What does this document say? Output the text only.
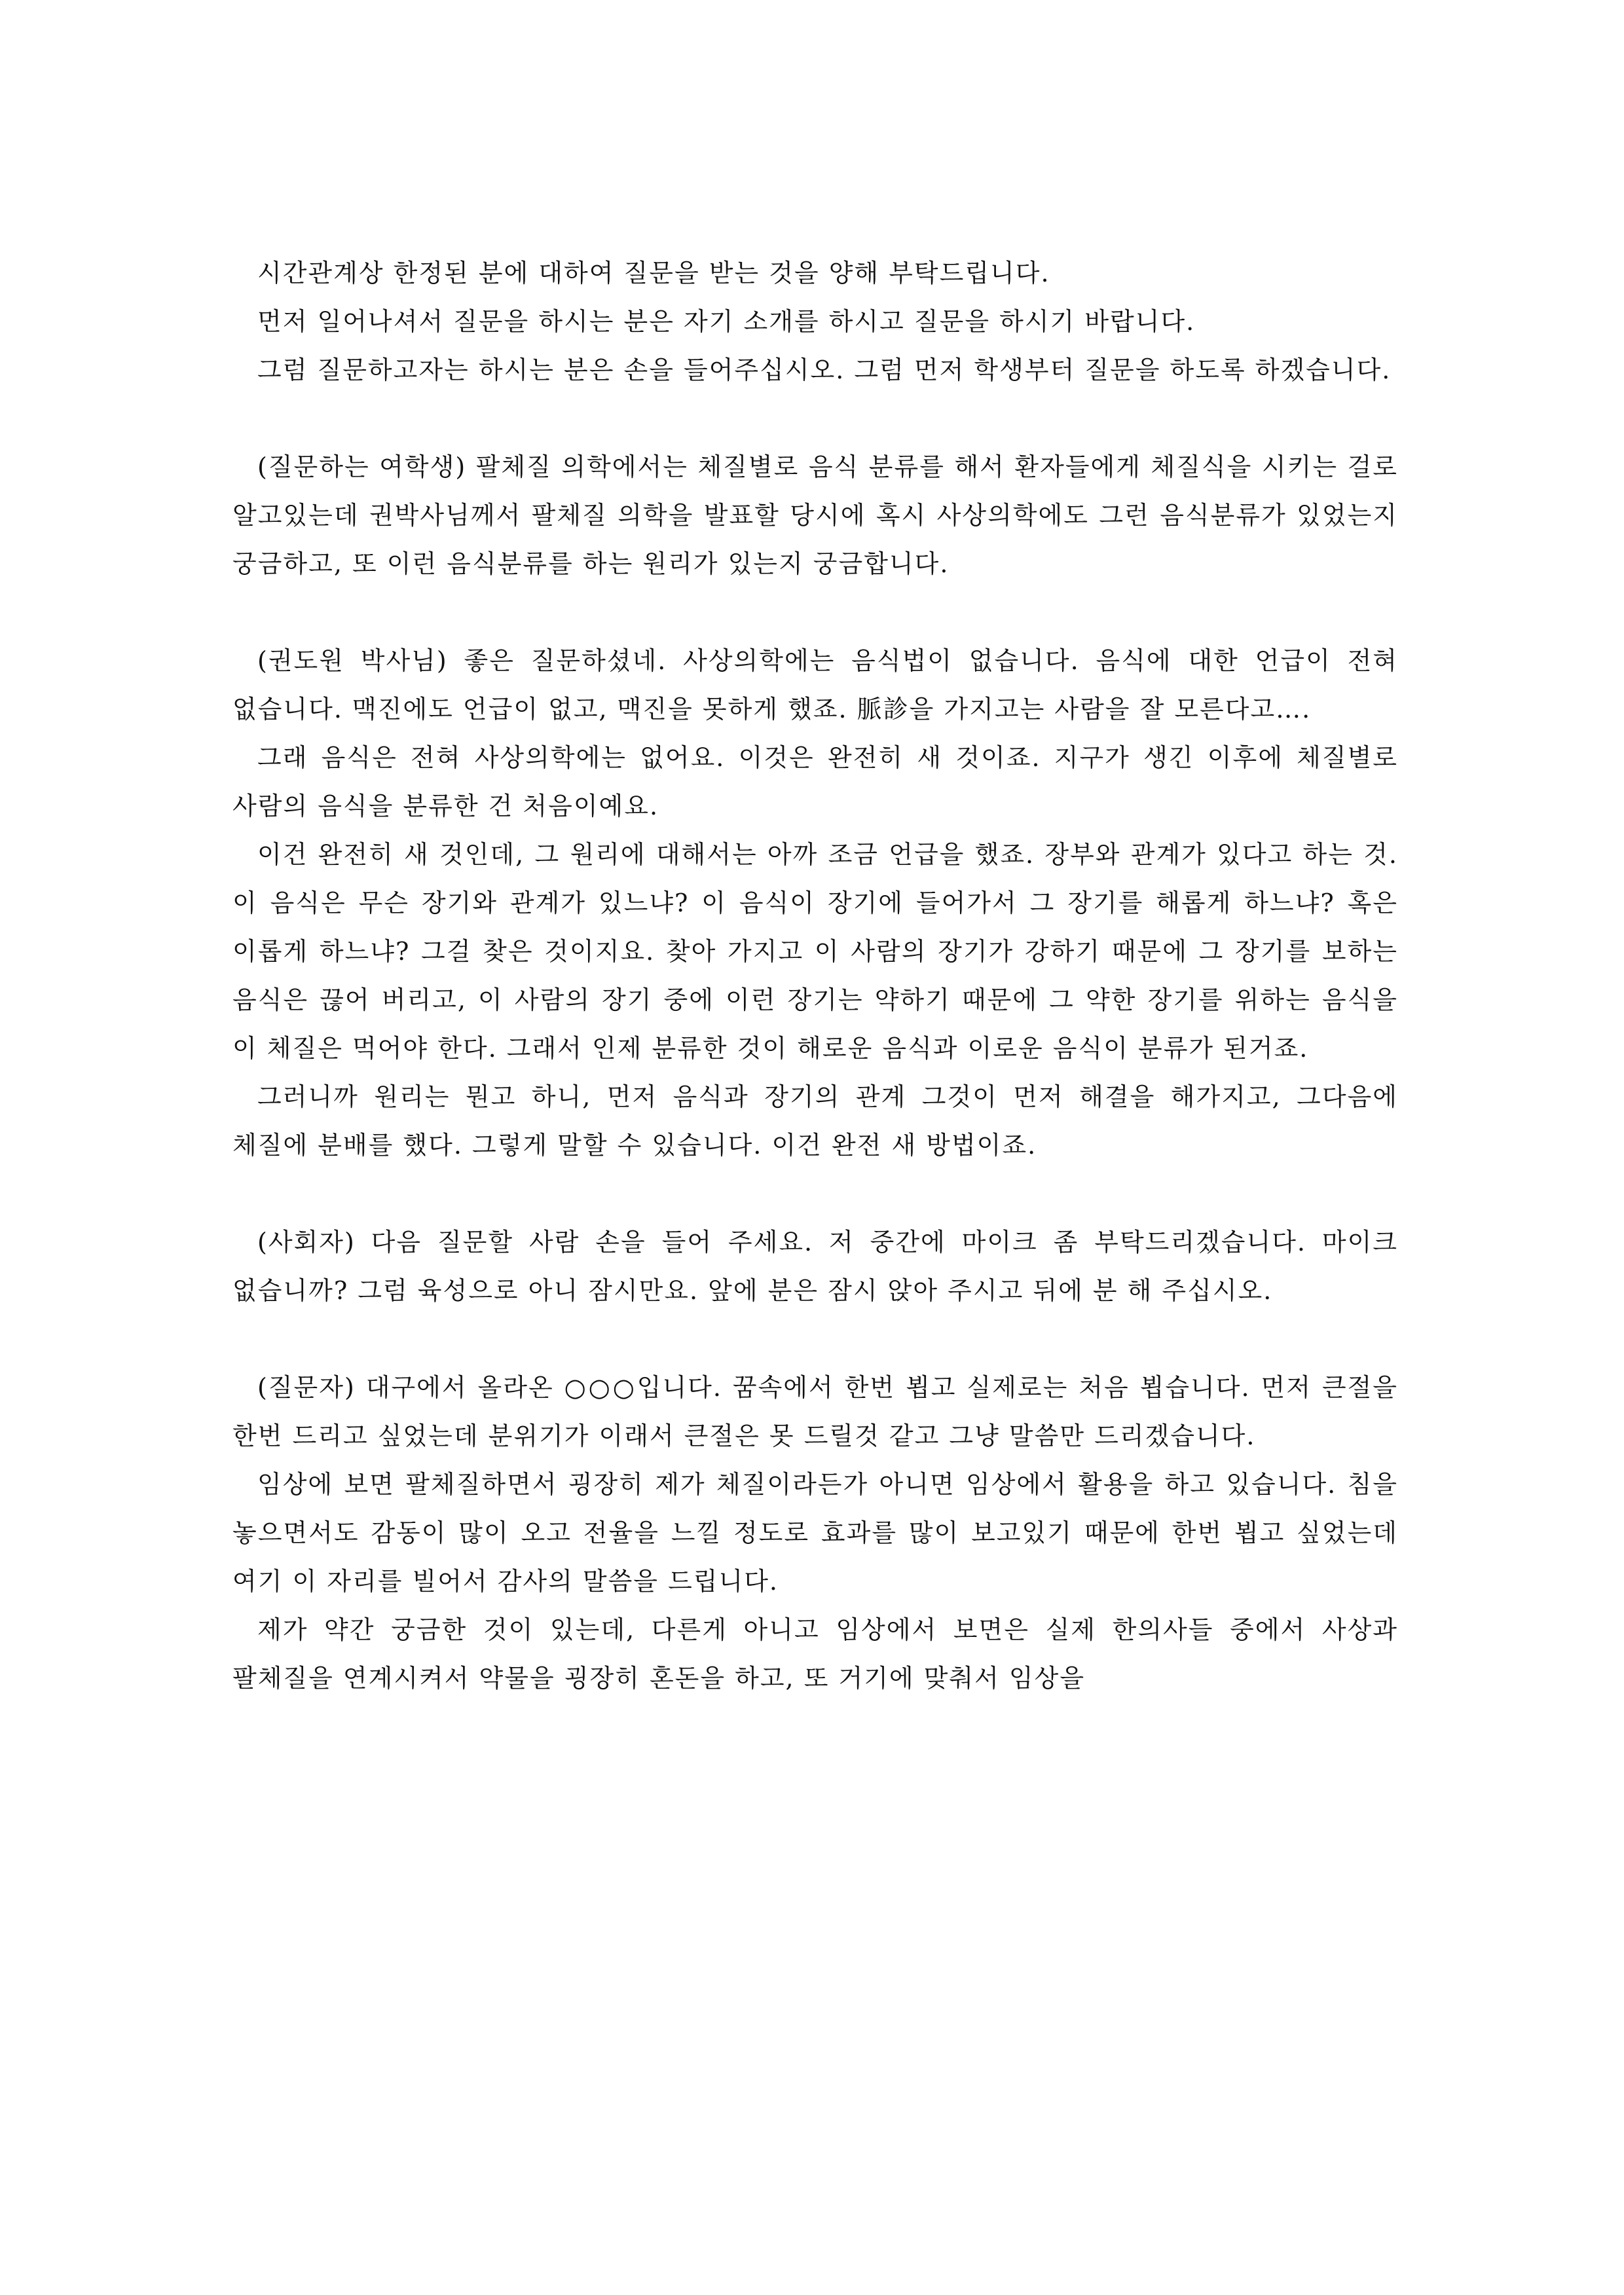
시간관계상 한정된 분에 대하여 질문을 받는 것을 양해 부탁드립니다.

먼저 일어나셔서 질문을 하시는 분은 자기 소개를 하시고 질문을 하시기 바랍니다.

그럼 질문하고자는 하시는 분은 손을 들어주십시오. 그럼 먼저 학생부터 질문을 하도록 하겠습니다.

(질문하는 여학생) 팔체질 의학에서는 체질별로 음식 분류를 해서 환자들에게 체질식을 시키는 걸로 알고있는데 권박사님께서 팔체질 의학을 발표할 당시에 혹시 사상의학에도 그런 음식분류가 있었는지 궁금하고, 또 이런 음식분류를 하는 원리가 있는지 궁금합니다.

(권도원 박사님) 좋은 질문하셨네. 사상의학에는 음식법이 없습니다. 음식에 대한 언급이 전혀 없습니다. 맥진에도 언급이 없고, 맥진을 못하게 했죠. 脈診을 가지고는 사람을 잘 모른다고….

그래 음식은 전혀 사상의학에는 없어요. 이것은 완전히 새 것이죠. 지구가 생긴 이후에 체질별로 사람의 음식을 분류한 건 처음이예요.

이건 완전히 새 것인데, 그 원리에 대해서는 아까 조금 언급을 했죠. 장부와 관계가 있다고 하는 것. 이 음식은 무슨 장기와 관계가 있느냐? 이 음식이 장기에 들어가서 그 장기를 해롭게 하느냐? 혹은 이롭게 하느냐? 그걸 찾은 것이지요. 찾아 가지고 이 사람의 장기가 강하기 때문에 그 장기를 보하는 음식은 끊어 버리고, 이 사람의 장기 중에 이런 장기는 약하기 때문에 그 약한 장기를 위하는 음식을 이 체질은 먹어야 한다. 그래서 인제 분류한 것이 해로운 음식과 이로운 음식이 분류가 된거죠.

그러니까 원리는 뭔고 하니, 먼저 음식과 장기의 관계 그것이 먼저 해결을 해가지고, 그다음에 체질에 분배를 했다. 그렇게 말할 수 있습니다. 이건 완전 새 방법이죠.

(사회자) 다음 질문할 사람 손을 들어 주세요. 저 중간에 마이크 좀 부탁드리겠습니다. 마이크 없습니까? 그럼 육성으로 아니 잠시만요. 앞에 분은 잠시 앉아 주시고 뒤에 분 해 주십시오.

(질문자) 대구에서 올라온 ○○○입니다. 꿈속에서 한번 뵙고 실제로는 처음 뵙습니다. 먼저 큰절을 한번 드리고 싶었는데 분위기가 이래서 큰절은 못 드릴것 같고 그냥 말씀만 드리겠습니다.

임상에 보면 팔체질하면서 굉장히 제가 체질이라든가 아니면 임상에서 활용을 하고 있습니다. 침을 놓으면서도 감동이 많이 오고 전율을 느낄 정도로 효과를 많이 보고있기 때문에 한번 뵙고 싶었는데 여기 이 자리를 빌어서 감사의 말씀을 드립니다.

제가 약간 궁금한 것이 있는데, 다른게 아니고 임상에서 보면은 실제 한의사들 중에서 사상과 팔체질을 연계시켜서 약물을 굉장히 혼돈을 하고, 또 거기에 맞춰서 임상을
